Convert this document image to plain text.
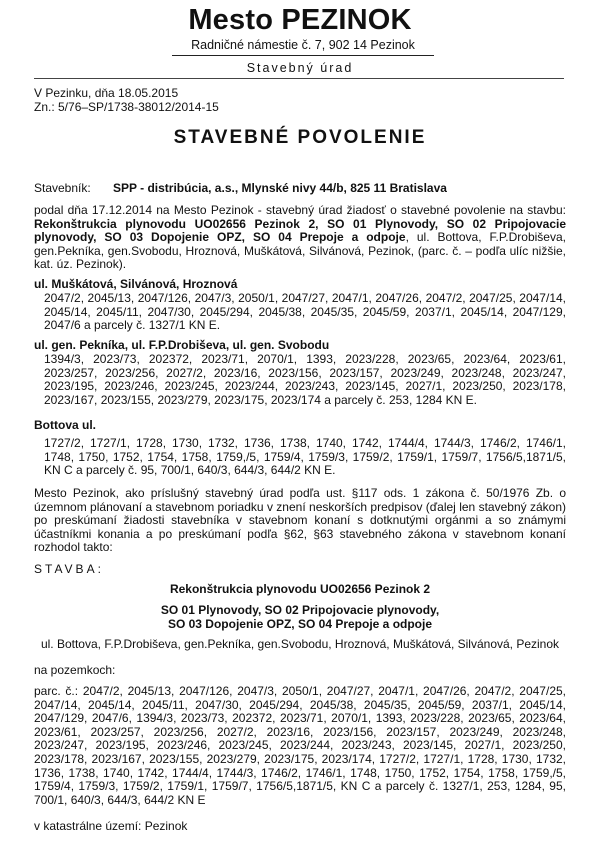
Mesto PEZINOK
Radničné námestie č. 7, 902 14 Pezinok
Stavebný úrad
V Pezinku, dňa 18.05.2015
Zn.: 5/76–SP/1738-38012/2014-15
STAVEBNÉ POVOLENIE
Stavebník: SPP - distribúcia, a.s., Mlynské nivy 44/b, 825 11 Bratislava
podal dňa 17.12.2014 na Mesto Pezinok - stavebný úrad žiadosť o stavebné povolenie na stavbu: Rekonštrukcia plynovodu UO02656 Pezinok 2, SO 01 Plynovody, SO 02 Pripojovacie plynovody, SO 03 Dopojenie OPZ, SO 04 Prepoje a odpoje, ul. Bottova, F.P.Drobiševa, gen.Pekníka, gen.Svobodu, Hroznová, Muškátová, Silvánová, Pezinok, (parc. č. – podľa ulíc nižšie, kat. úz. Pezinok).
ul. Muškátová, Silvánová, Hroznová
2047/2, 2045/13, 2047/126, 2047/3, 2050/1, 2047/27, 2047/1, 2047/26, 2047/2, 2047/25, 2047/14, 2045/14, 2045/11, 2047/30, 2045/294, 2045/38, 2045/35, 2045/59, 2037/1, 2045/14, 2047/129, 2047/6 a parcely č. 1327/1 KN E.
ul. gen. Pekníka, ul. F.P.Drobiševa, ul. gen. Svobodu
1394/3, 2023/73, 202372, 2023/71, 2070/1, 1393, 2023/228, 2023/65, 2023/64, 2023/61, 2023/257, 2023/256, 2027/2, 2023/16, 2023/156, 2023/157, 2023/249, 2023/248, 2023/247, 2023/195, 2023/246, 2023/245, 2023/244, 2023/243, 2023/145, 2027/1, 2023/250, 2023/178, 2023/167, 2023/155, 2023/279, 2023/175, 2023/174 a parcely č. 253, 1284 KN E.
Bottova ul.
1727/2, 1727/1, 1728, 1730, 1732, 1736, 1738, 1740, 1742, 1744/4, 1744/3, 1746/2, 1746/1, 1748, 1750, 1752, 1754, 1758, 1759,/5, 1759/4, 1759/3, 1759/2, 1759/1, 1759/7, 1756/5,1871/5, KN C a parcely č. 95, 700/1, 640/3, 644/3, 644/2 KN E.
Mesto Pezinok, ako príslušný stavebný úrad podľa ust. §117 ods. 1 zákona č. 50/1976 Zb. o územnom plánovaní a stavebnom poriadku v znení neskorších predpisov (ďalej len stavebný zákon) po preskúmaní žiadosti stavebníka v stavebnom konaní s dotknutými orgánmi a so známymi účastníkmi konania a po preskúmaní podľa §62, §63 stavebného zákona v stavebnom konaní rozhodol takto:
STAVBA:
Rekonštrukcia plynovodu UO02656 Pezinok 2
SO 01 Plynovody, SO 02 Pripojovacie plynovody,
SO 03 Dopojenie OPZ, SO 04 Prepoje a odpoje
ul. Bottova, F.P.Drobiševa, gen.Pekníka, gen.Svobodu, Hroznová, Muškátová, Silvánová, Pezinok
na pozemkoch:
parc. č.: 2047/2, 2045/13, 2047/126, 2047/3, 2050/1, 2047/27, 2047/1, 2047/26, 2047/2, 2047/25, 2047/14, 2045/14, 2045/11, 2047/30, 2045/294, 2045/38, 2045/35, 2045/59, 2037/1, 2045/14, 2047/129, 2047/6, 1394/3, 2023/73, 202372, 2023/71, 2070/1, 1393, 2023/228, 2023/65, 2023/64, 2023/61, 2023/257, 2023/256, 2027/2, 2023/16, 2023/156, 2023/157, 2023/249, 2023/248, 2023/247, 2023/195, 2023/246, 2023/245, 2023/244, 2023/243, 2023/145, 2027/1, 2023/250, 2023/178, 2023/167, 2023/155, 2023/279, 2023/175, 2023/174, 1727/2, 1727/1, 1728, 1730, 1732, 1736, 1738, 1740, 1742, 1744/4, 1744/3, 1746/2, 1746/1, 1748, 1750, 1752, 1754, 1758, 1759,/5, 1759/4, 1759/3, 1759/2, 1759/1, 1759/7, 1756/5,1871/5, KN C a parcely č. 1327/1, 253, 1284, 95, 700/1, 640/3, 644/3, 644/2 KN E
v katastrálne území: Pezinok
